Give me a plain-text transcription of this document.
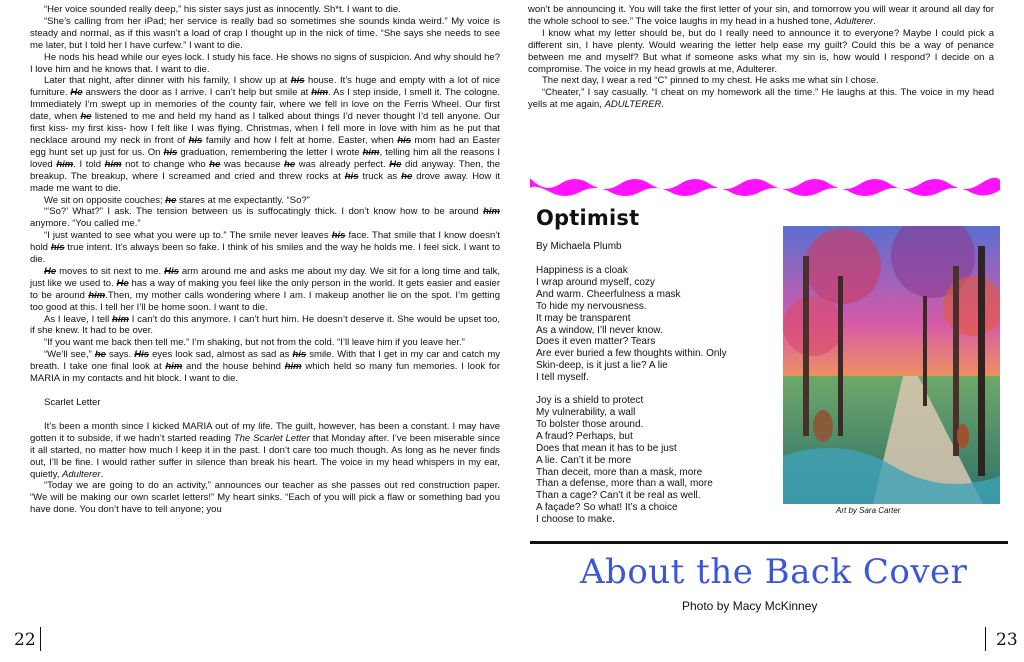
“Her voice sounded really deep,” his sister says just as innocently. Sh*t. I want to die.

“She’s calling from her iPad; her service is really bad so sometimes she sounds kinda weird.” My voice is steady and normal, as if this wasn’t a load of crap I thought up in the nick of time. “She says she needs to see me later, but I told her I have curfew.” I want to die.

He nods his head while our eyes lock. I study his face. He shows no signs of suspicion. And why should he? I love him and he knows that. I want to die.

Later that night, after dinner with his family, I show up at his house. It’s huge and empty with a lot of nice furniture. He answers the door as I arrive. I can’t help but smile at him. As I step inside, I smell it. The cologne. Immediately I’m swept up in memories of the county fair, where we fell in love on the Ferris Wheel. Our first date, when he listened to me and held my hand as I talked about things I’d never thought I’d tell anyone. Our first kiss- my first kiss- how I felt like I was flying. Christmas, when I fell more in love with him as he put that necklace around my neck in front of his family and how I felt at home. Easter, when his mom had an Easter egg hunt set up just for us. On his graduation, remembering the letter I wrote him, telling him all the reasons I loved him. I told him not to change who he was because he was already perfect. He did anyway. Then, the breakup. The breakup, where I screamed and cried and threw rocks at his truck as he drove away. How it made me want to die.

We sit on opposite couches; he stares at me expectantly. “So?”

“‘So?’ What?” I ask. The tension between us is suffocatingly thick. I don’t know how to be around him anymore. “You called me.”

“I just wanted to see what you were up to.” The smile never leaves his face. That smile that I know doesn’t hold his true intent. It’s always been so fake. I think of his smiles and the way he holds me. I feel sick. I want to die.

He moves to sit next to me. His arm around me and asks me about my day. We sit for a long time and talk, just like we used to. He has a way of making you feel like the only person in the world. It gets easier and easier to be around him.Then, my mother calls wondering where I am. I makeup another lie on the spot. I’m getting too good at this. I tell her I’ll be home soon. I want to die.

As I leave, I tell him I can’t do this anymore. I can’t hurt him. He doesn’t deserve it. She would be upset too, if she knew. It had to be over.

“If you want me back then tell me.” I’m shaking, but not from the cold. “I’ll leave him if you leave her.”

“We’ll see,” he says. His eyes look sad, almost as sad as his smile. With that I get in my car and catch my breath. I take one final look at him and the house behind him which held so many fun memories. I look for MARIA in my contacts and hit block. I want to die.

Scarlet Letter

It’s been a month since I kicked MARIA out of my life. The guilt, however, has been a constant. I may have gotten it to subside, if we hadn’t started reading The Scarlet Letter that Monday after. I’ve been miserable since it all started, no matter how much I keep it in the past. I don’t care too much though. As long as he never finds out, I’ll be fine. I would rather suffer in silence than break his heart. The voice in my head whispers in my ear, quietly, Adulterer.

“Today we are going to do an activity,” announces our teacher as she passes out red construction paper. “We will be making our own scarlet letters!” My heart sinks. “Each of you will pick a flaw or something bad you have done. You don’t have to tell anyone; you

won’t be announcing it. You will take the first letter of your sin, and tomorrow you will wear it around all day for the whole school to see.” The voice laughs in my head in a hushed tone, Adulterer.

I know what my letter should be, but do I really need to announce it to everyone? Maybe I could pick a different sin, I have plenty. Would wearing the letter help ease my guilt? Could this be a way of penance between me and myself? But what if someone asks what my sin is, how would I respond? I decide on a compromise. The voice in my head growls at me, Adulterer.

The next day, I wear a red “C” pinned to my chest. He asks me what sin I chose.

“Cheater,” I say casually. “I cheat on my homework all the time.” He laughs at this. The voice in my head yells at me again, ADULTERER.

Optimist
By Michaela Plumb
Happiness is a cloak
I wrap around myself, cozy
And warm. Cheerfulness a mask
To hide my nervousness.
It may be transparent
As a window, I’ll never know.
Does it even matter? Tears
Are ever buried a few thoughts within. Only
Skin-deep, is it just a lie? A lie
I tell myself.
Joy is a shield to protect
My vulnerability, a wall
To bolster those around.
A fraud? Perhaps, but
Does that mean it has to be just
A lie. Can’t it be more
Than deceit, more than a mask, more
Than a defense, more than a wall, more
Than a cage? Can’t it be real as well.
A façade? So what! It’s a choice
I choose to make.
Art by Sara Carter
About the Back Cover
Photo by Macy McKinney
22	23
